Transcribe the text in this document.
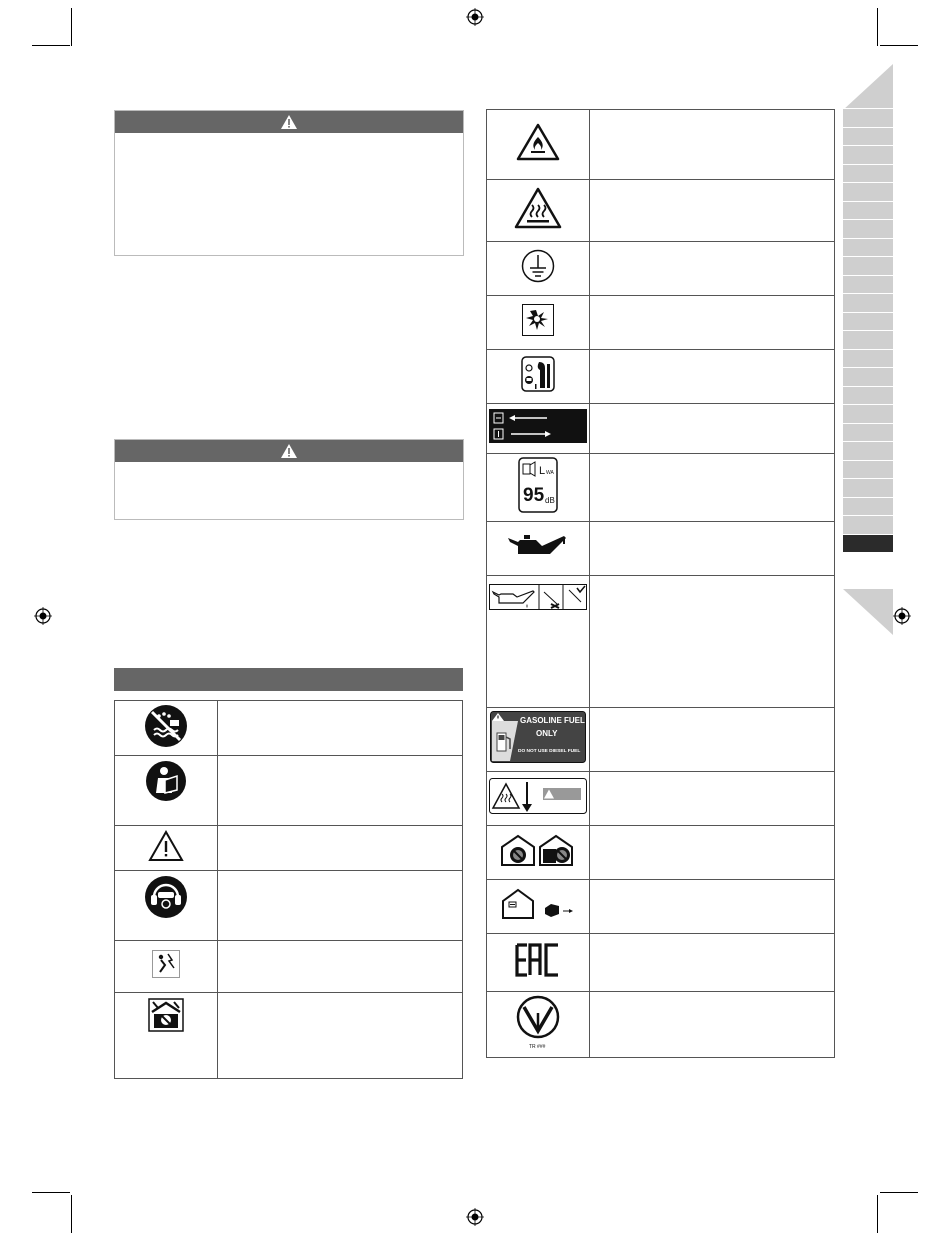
L WA
95 dB	

GASOLINE FUEL
ONLY
DO NOT USE DIESEL FUEL	

TR ###	
